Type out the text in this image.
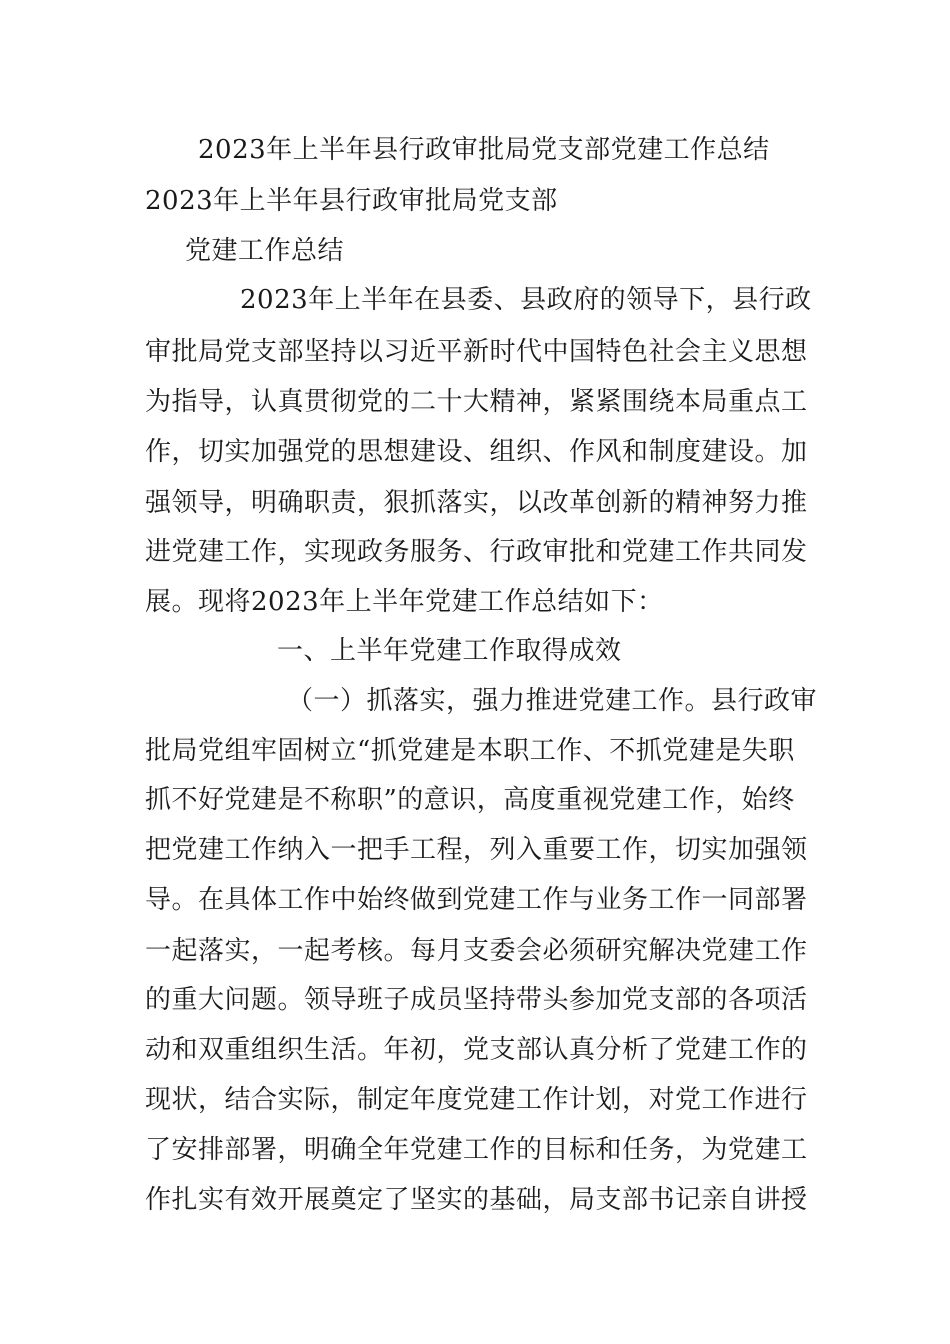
2023年上半年县行政审批局党支部党建工作总结
2023年上半年县行政审批局党支部
党建工作总结
2023年上半年在县委、县政府的领导下，县行政
审批局党支部坚持以习近平新时代中国特色社会主义思想
为指导，认真贯彻党的二十大精神，紧紧围绕本局重点工
作，切实加强党的思想建设、组织、作风和制度建设。加
强领导，明确职责，狠抓落实，以改革创新的精神努力推
进党建工作，实现政务服务、行政审批和党建工作共同发
展。现将2023年上半年党建工作总结如下：
一、上半年党建工作取得成效
（一）抓落实，强力推进党建工作。县行政审
批局党组牢固树立“抓党建是本职工作、不抓党建是失职
抓不好党建是不称职”的意识，高度重视党建工作，始终
把党建工作纳入一把手工程，列入重要工作，切实加强领
导。在具体工作中始终做到党建工作与业务工作一同部署
一起落实，一起考核。每月支委会必须研究解决党建工作
的重大问题。领导班子成员坚持带头参加党支部的各项活
动和双重组织生活。年初，党支部认真分析了党建工作的
现状，结合实际，制定年度党建工作计划，对党工作进行
了安排部署，明确全年党建工作的目标和任务，为党建工
作扎实有效开展奠定了坚实的基础，局支部书记亲自讲授
